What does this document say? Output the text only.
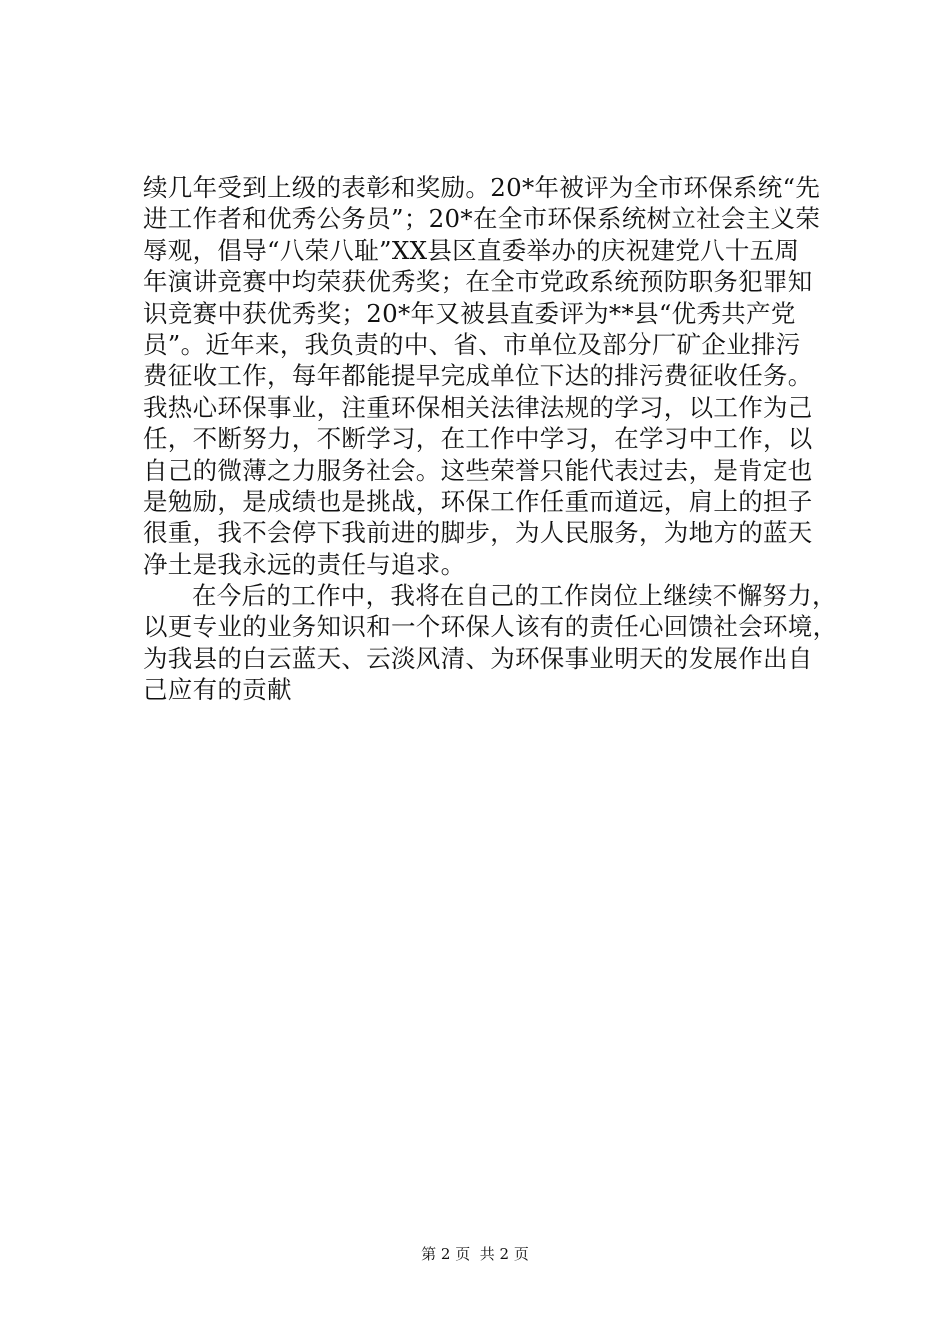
续几年受到上级的表彰和奖励。20*年被评为全市环保系统“先
进工作者和优秀公务员”；20*在全市环保系统树立社会主义荣
辱观，倡导“八荣八耻”XX县区直委举办的庆祝建党八十五周
年演讲竞赛中均荣获优秀奖；在全市党政系统预防职务犯罪知
识竞赛中获优秀奖；20*年又被县直委评为**县“优秀共产党
员”。近年来，我负责的中、省、市单位及部分厂矿企业排污
费征收工作，每年都能提早完成单位下达的排污费征收任务。
我热心环保事业，注重环保相关法律法规的学习，以工作为己
任，不断努力，不断学习，在工作中学习，在学习中工作，以
自己的微薄之力服务社会。这些荣誉只能代表过去，是肯定也
是勉励，是成绩也是挑战，环保工作任重而道远，肩上的担子
很重，我不会停下我前进的脚步，为人民服务，为地方的蓝天
净土是我永远的责任与追求。
在今后的工作中，我将在自己的工作岗位上继续不懈努力，
以更专业的业务知识和一个环保人该有的责任心回馈社会环境，
为我县的白云蓝天、云淡风清、为环保事业明天的发展作出自
己应有的贡献
第 2 页  共 2 页
